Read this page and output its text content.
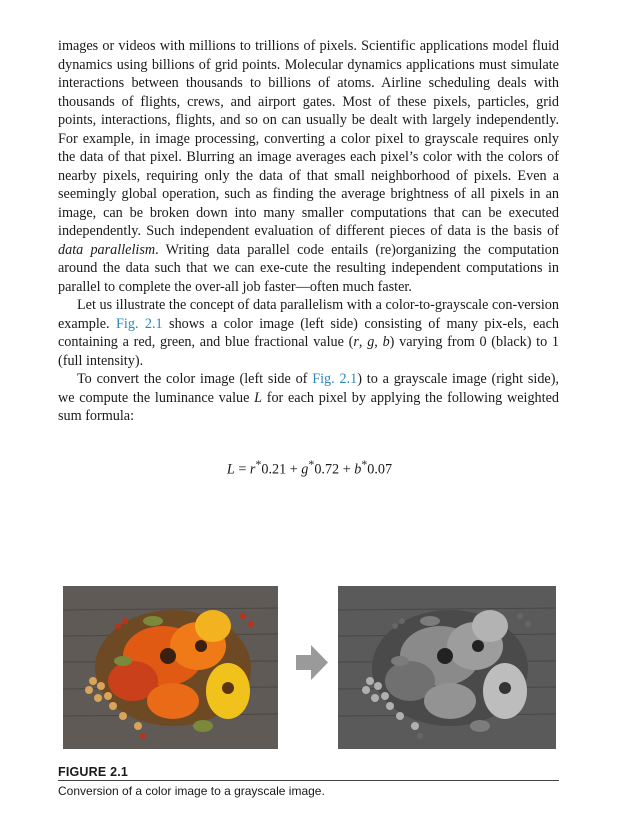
images or videos with millions to trillions of pixels. Scientific applications model fluid dynamics using billions of grid points. Molecular dynamics applications must simulate interactions between thousands to billions of atoms. Airline scheduling deals with thousands of flights, crews, and airport gates. Most of these pixels, particles, grid points, interactions, flights, and so on can usually be dealt with largely independently. For example, in image processing, converting a color pixel to grayscale requires only the data of that pixel. Blurring an image averages each pixel’s color with the colors of nearby pixels, requiring only the data of that small neighborhood of pixels. Even a seemingly global operation, such as finding the average brightness of all pixels in an image, can be broken down into many smaller computations that can be executed independently. Such independent evaluation of different pieces of data is the basis of data parallelism. Writing data parallel code entails (re)organizing the computation around the data such that we can exe-cute the resulting independent computations in parallel to complete the over-all job faster—often much faster.

Let us illustrate the concept of data parallelism with a color-to-grayscale con-version example. Fig. 2.1 shows a color image (left side) consisting of many pix-els, each containing a red, green, and blue fractional value (r, g, b) varying from 0 (black) to 1 (full intensity).

To convert the color image (left side of Fig. 2.1) to a grayscale image (right side), we compute the luminance value L for each pixel by applying the following weighted sum formula:

L = r*0.21 + g*0.72 + b*0.07
FIGURE 2.1
Conversion of a color image to a grayscale image.
